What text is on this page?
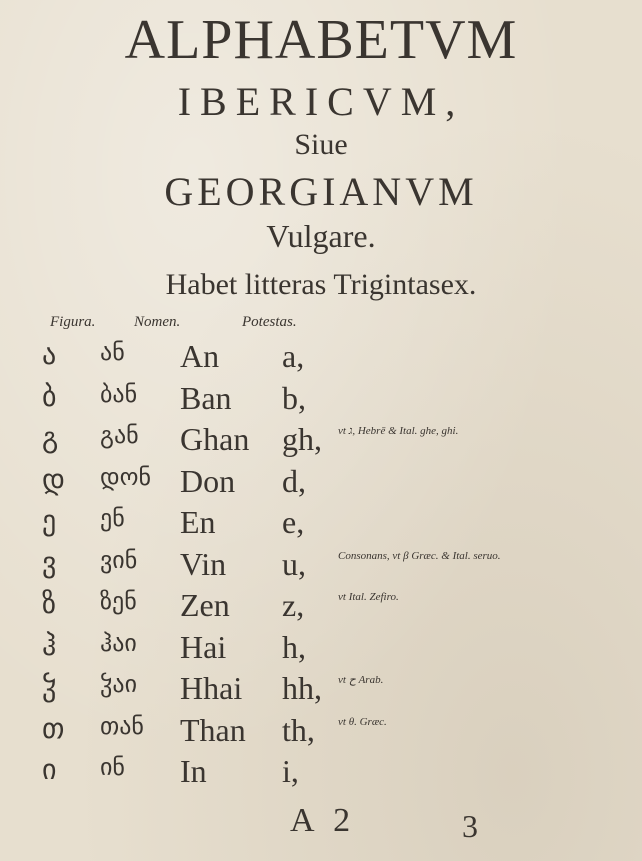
ALPHABETVM
IBERICVM,
Siue
GEORGIANVM
Vulgare.
Habet litteras Trigintasex.
Figura.	Nomen.	Potestas.
ა ან An a,
ბ ბან Ban b,
გ გან Ghan gh, vt ג, Hebrē & Ital. ghe, ghi.
დ დონ Don d,
ე ენ En e,
ვ ვინ Vin u,	Consonans, vt β Græc. & Ital. seruo.
ზ ზენ Zen z,	vt Ital. Zefiro.
ჰ ჰაი Hai h,
ჴ ჴაი Hhai hh, vt ح Arab.
თ თან Than th, vt θ. Græc.
ი ინ In i,
A 2	3
